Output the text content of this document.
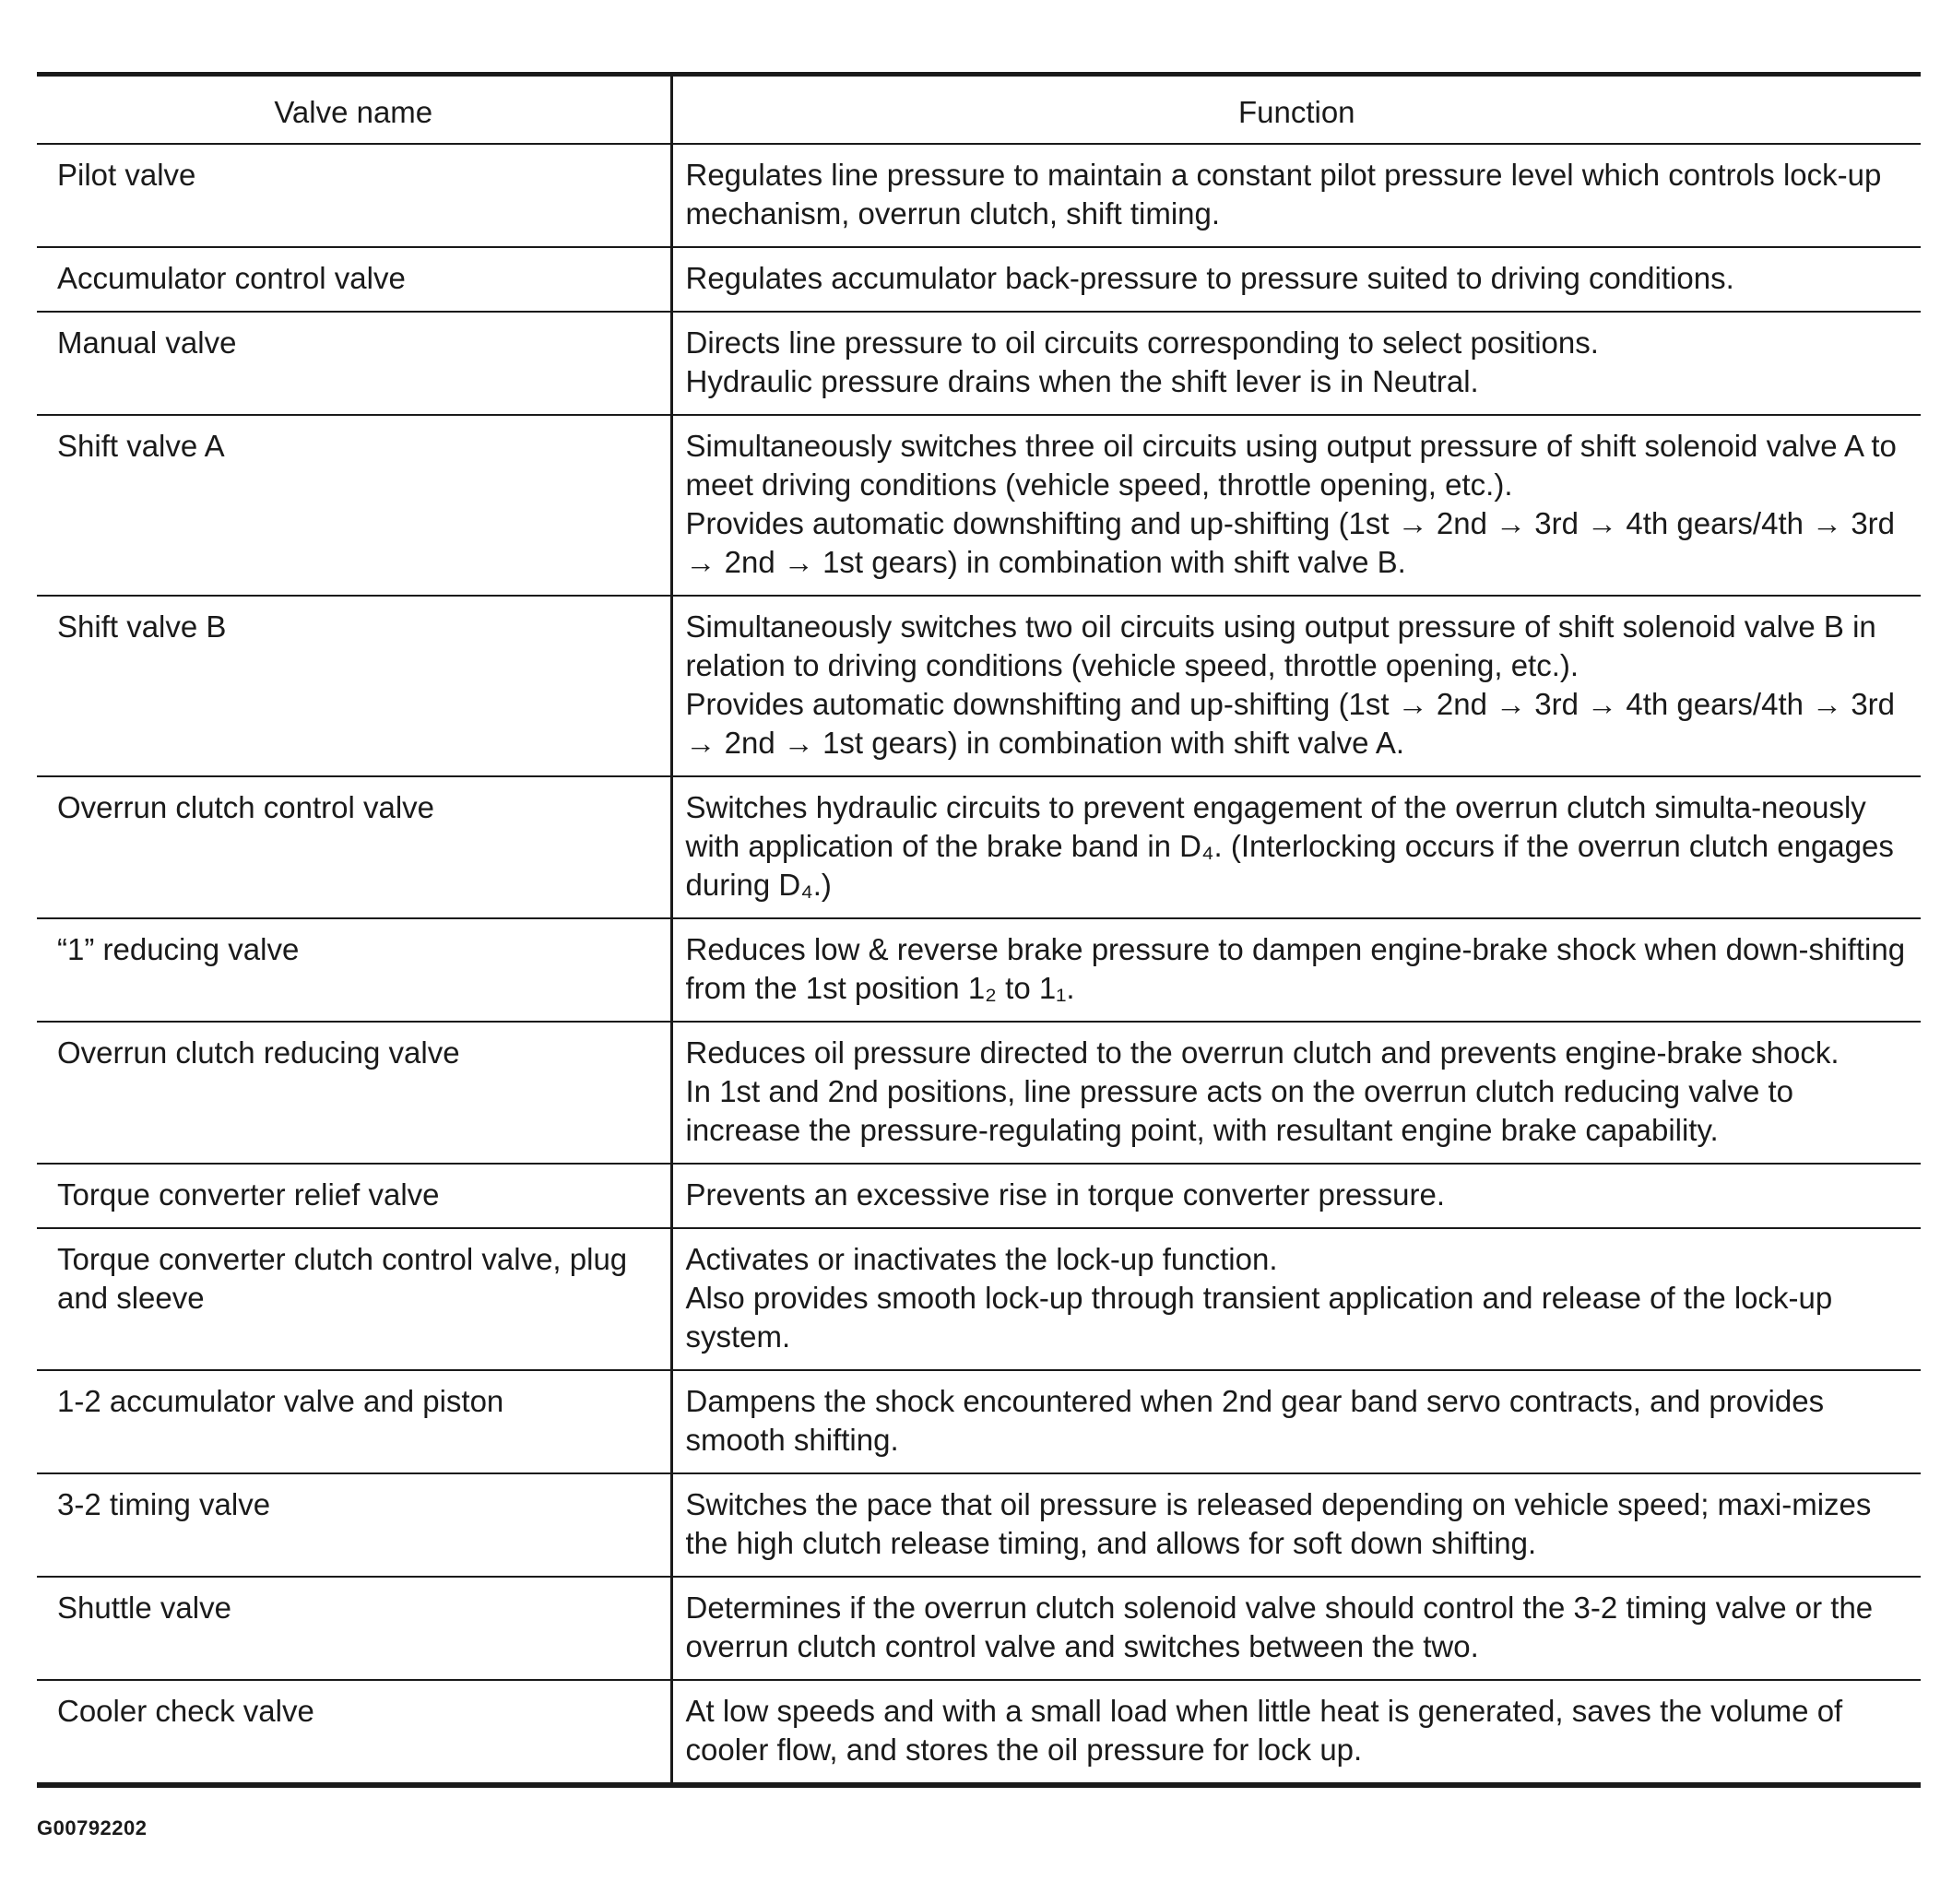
Valve name	Function
Pilot valve	Regulates line pressure to maintain a constant pilot pressure level which controls lock-up mechanism, overrun clutch, shift timing.

Accumulator control valve	Regulates accumulator back-pressure to pressure suited to driving conditions.

Manual valve	Directs line pressure to oil circuits corresponding to select positions.
Hydraulic pressure drains when the shift lever is in Neutral.

Shift valve A	Simultaneously switches three oil circuits using output pressure of shift solenoid valve A to meet driving conditions (vehicle speed, throttle opening, etc.).
Provides automatic downshifting and up-shifting (1st → 2nd → 3rd → 4th gears/4th → 3rd → 2nd → 1st gears) in combination with shift valve B.

Shift valve B	Simultaneously switches two oil circuits using output pressure of shift solenoid valve B in relation to driving conditions (vehicle speed, throttle opening, etc.).
Provides automatic downshifting and up-shifting (1st → 2nd → 3rd → 4th gears/4th → 3rd → 2nd → 1st gears) in combination with shift valve A.

Overrun clutch control valve	Switches hydraulic circuits to prevent engagement of the overrun clutch simulta-neously with application of the brake band in D₄. (Interlocking occurs if the overrun clutch engages during D₄.)

“1” reducing valve	Reduces low & reverse brake pressure to dampen engine-brake shock when down-shifting from the 1st position 1₂ to 1₁.

Overrun clutch reducing valve	Reduces oil pressure directed to the overrun clutch and prevents engine-brake shock.
In 1st and 2nd positions, line pressure acts on the overrun clutch reducing valve to increase the pressure-regulating point, with resultant engine brake capability.

Torque converter relief valve	Prevents an excessive rise in torque converter pressure.

Torque converter clutch control valve, plug and sleeve	Activates or inactivates the lock-up function.
Also provides smooth lock-up through transient application and release of the lock-up system.

1-2 accumulator valve and piston	Dampens the shock encountered when 2nd gear band servo contracts, and provides smooth shifting.

3-2 timing valve	Switches the pace that oil pressure is released depending on vehicle speed; maxi-mizes the high clutch release timing, and allows for soft down shifting.

Shuttle valve	Determines if the overrun clutch solenoid valve should control the 3-2 timing valve or the overrun clutch control valve and switches between the two.

Cooler check valve	At low speeds and with a small load when little heat is generated, saves the volume of cooler flow, and stores the oil pressure for lock up.
G00792202
